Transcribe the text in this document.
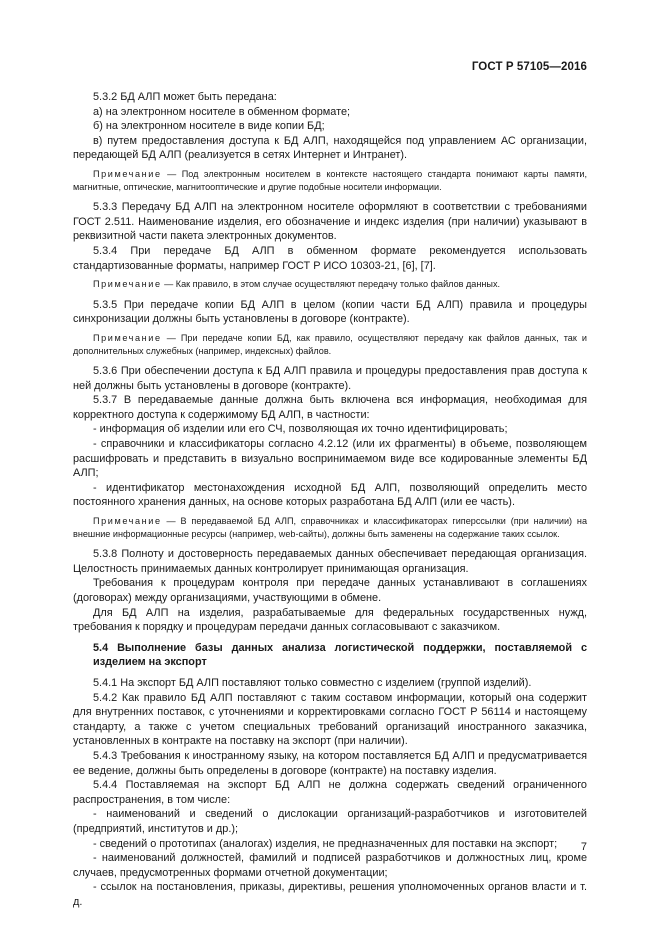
ГОСТ Р 57105—2016

5.3.2 БД АЛП может быть передана:

а) на электронном носителе в обменном формате;

б) на электронном носителе в виде копии БД;

в) путем предоставления доступа к БД АЛП, находящейся под управлением АС организации, передающей БД АЛП (реализуется в сетях Интернет и Интранет).

Примечание — Под электронным носителем в контексте настоящего стандарта понимают карты памяти, магнитные, оптические, магнитооптические и другие подобные носители информации.

5.3.3 Передачу БД АЛП на электронном носителе оформляют в соответствии с требованиями ГОСТ 2.511. Наименование изделия, его обозначение и индекс изделия (при наличии) указывают в реквизитной части пакета электронных документов.

5.3.4 При передаче БД АЛП в обменном формате рекомендуется использовать стандартизованные форматы, например ГОСТ Р ИСО 10303-21, [6], [7].

Примечание — Как правило, в этом случае осуществляют передачу только файлов данных.

5.3.5 При передаче копии БД АЛП в целом (копии части БД АЛП) правила и процедуры синхронизации должны быть установлены в договоре (контракте).

Примечание — При передаче копии БД, как правило, осуществляют передачу как файлов данных, так и дополнительных служебных (например, индексных) файлов.

5.3.6 При обеспечении доступа к БД АЛП правила и процедуры предоставления прав доступа к ней должны быть установлены в договоре (контракте).

5.3.7 В передаваемые данные должна быть включена вся информация, необходимая для корректного доступа к содержимому БД АЛП, в частности:

- информация об изделии или его СЧ, позволяющая их точно идентифицировать;

- справочники и классификаторы согласно 4.2.12 (или их фрагменты) в объеме, позволяющем расшифровать и представить в визуально воспринимаемом виде все кодированные элементы БД АЛП;

- идентификатор местонахождения исходной БД АЛП, позволяющий определить место постоянного хранения данных, на основе которых разработана БД АЛП (или ее часть).

Примечание — В передаваемой БД АЛП, справочниках и классификаторах гиперссылки (при наличии) на внешние информационные ресурсы (например, web-сайты), должны быть заменены на содержание таких ссылок.

5.3.8 Полноту и достоверность передаваемых данных обеспечивает передающая организация. Целостность принимаемых данных контролирует принимающая организация.

Требования к процедурам контроля при передаче данных устанавливают в соглашениях (договорах) между организациями, участвующими в обмене.

Для БД АЛП на изделия, разрабатываемые для федеральных государственных нужд, требования к порядку и процедурам передачи данных согласовывают с заказчиком.

5.4 Выполнение базы данных анализа логистической поддержки, поставляемой с изделием на экспорт

5.4.1 На экспорт БД АЛП поставляют только совместно с изделием (группой изделий).

5.4.2 Как правило БД АЛП поставляют с таким составом информации, который она содержит для внутренних поставок, с уточнениями и корректировками согласно ГОСТ Р 56114 и настоящему стандарту, а также с учетом специальных требований организаций иностранного заказчика, установленных в контракте на поставку на экспорт (при наличии).

5.4.3 Требования к иностранному языку, на котором поставляется БД АЛП и предусматривается ее ведение, должны быть определены в договоре (контракте) на поставку изделия.

5.4.4 Поставляемая на экспорт БД АЛП не должна содержать сведений ограниченного распространения, в том числе:

- наименований и сведений о дислокации организаций-разработчиков и изготовителей (предприятий, институтов и др.);

- сведений о прототипах (аналогах) изделия, не предназначенных для поставки на экспорт;

- наименований должностей, фамилий и подписей разработчиков и должностных лиц, кроме случаев, предусмотренных формами отчетной документации;

- ссылок на постановления, приказы, директивы, решения уполномоченных органов власти и т. д.

7
